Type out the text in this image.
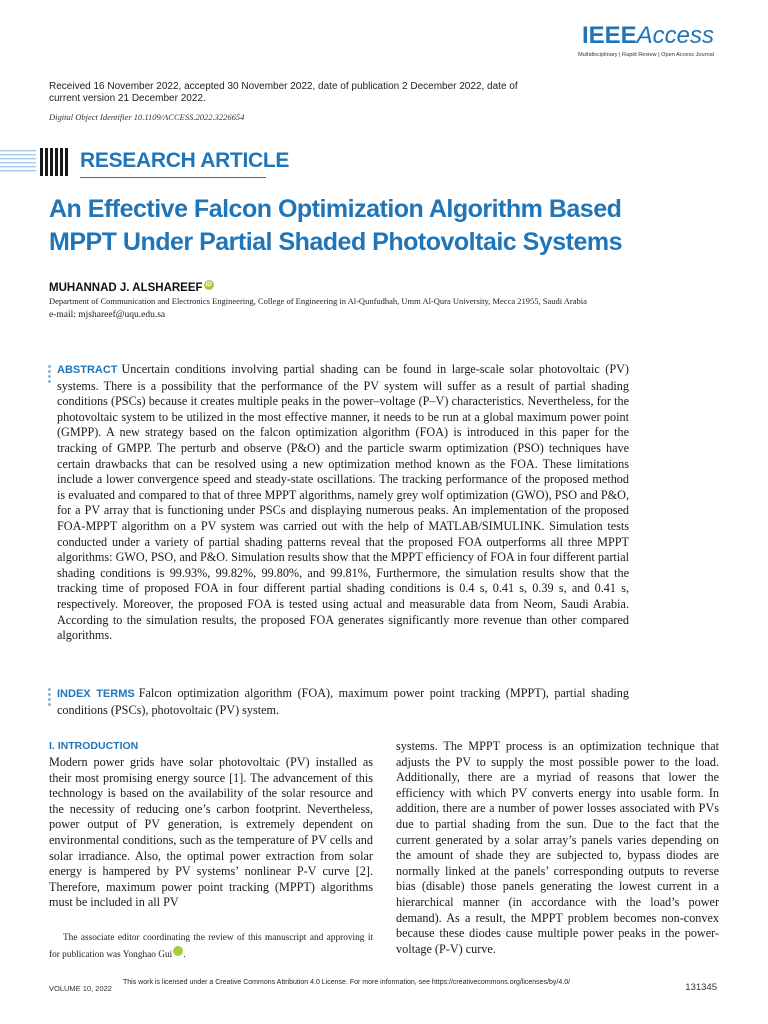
IEEEAccess
Multidisciplinary | Rapid Review | Open Access Journal
Received 16 November 2022, accepted 30 November 2022, date of publication 2 December 2022, date of current version 21 December 2022.
Digital Object Identifier 10.1109/ACCESS.2022.3226654
RESEARCH ARTICLE
An Effective Falcon Optimization Algorithm Based MPPT Under Partial Shaded Photovoltaic Systems
MUHANNAD J. ALSHAREEF iD
Department of Communication and Electronics Engineering, College of Engineering in Al-Qunfudhah, Umm Al-Qura University, Mecca 21955, Saudi Arabia
e-mail: mjshareef@uqu.edu.sa

ABSTRACT Uncertain conditions involving partial shading can be found in large-scale solar photovoltaic (PV) systems. There is a possibility that the performance of the PV system will suffer as a result of partial shading conditions (PSCs) because it creates multiple peaks in the power–voltage (P–V) characteristics. Nevertheless, for the photovoltaic system to be utilized in the most effective manner, it needs to be run at a global maximum power point (GMPP). A new strategy based on the falcon optimization algorithm (FOA) is introduced in this paper for the tracking of GMPP. The perturb and observe (P&O) and the particle swarm optimization (PSO) techniques have certain drawbacks that can be resolved using a new optimization method known as the FOA. These limitations include a lower convergence speed and steady-state oscillations. The tracking performance of the proposed method is evaluated and compared to that of three MPPT algorithms, namely grey wolf optimization (GWO), PSO and P&O, for a PV array that is functioning under PSCs and displaying numerous peaks. An implementation of the proposed FOA-MPPT algorithm on a PV system was carried out with the help of MATLAB/SIMULINK. Simulation tests conducted under a variety of partial shading patterns reveal that the proposed FOA outperforms all three MPPT algorithms: GWO, PSO, and P&O. Simulation results show that the MPPT efficiency of FOA in four different partial shading conditions is 99.93%, 99.82%, 99.80%, and 99.81%, Furthermore, the simulation results show that the tracking time of proposed FOA in four different partial shading conditions is 0.4 s, 0.41 s, 0.39 s, and 0.41 s, respectively. Moreover, the proposed FOA is tested using actual and measurable data from Neom, Saudi Arabia. According to the simulation results, the proposed FOA generates significantly more revenue than other compared algorithms.

INDEX TERMS Falcon optimization algorithm (FOA), maximum power point tracking (MPPT), partial shading conditions (PSCs), photovoltaic (PV) system.

I. INTRODUCTION

Modern power grids have solar photovoltaic (PV) installed as their most promising energy source [1]. The advancement of this technology is based on the availability of the solar resource and the necessity of reducing one’s carbon footprint. Nevertheless, power output of PV generation, is extremely dependent on environmental conditions, such as the temperature of PV cells and solar irradiance. Also, the optimal power extraction from solar energy is hampered by PV systems’ nonlinear P-V curve [2]. Therefore, maximum power point tracking (MPPT) algorithms must be included in all PV

systems. The MPPT process is an optimization technique that adjusts the PV to supply the most possible power to the load. Additionally, there are a myriad of reasons that lower the efficiency with which PV converts energy into usable form. In addition, there are a number of power losses associated with PVs due to partial shading from the sun. Due to the fact that the current generated by a solar array’s panels varies depending on the amount of shade they are subjected to, bypass diodes are normally linked at the panels’ corresponding outputs to reverse bias (disable) those panels generating the lowest current in a hierarchical manner (in accordance with the load’s power demand). As a result, the MPPT problem becomes non-convex because these diodes cause multiple power peaks in the power- voltage (P-V) curve.

The associate editor coordinating the review of this manuscript and approving it for publication was Yonghao Gui	iD.

VOLUME 10, 2022
This work is licensed under a Creative Commons Attribution 4.0 License. For more information, see https://creativecommons.org/licenses/by/4.0/	131345
